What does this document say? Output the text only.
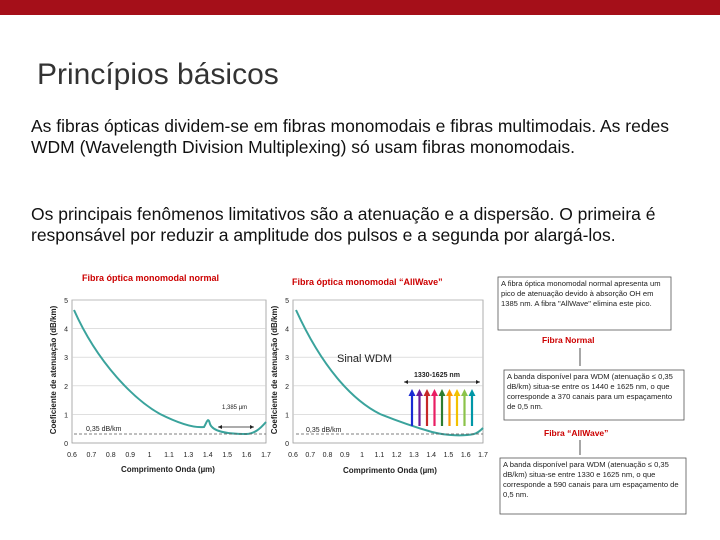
Princípios básicos
As fibras ópticas dividem-se em fibras monomodais e fibras multimodais. As redes WDM (Wavelength Division Multiplexing) só usam fibras monomodais.
Os principais fenômenos limitativos são a atenuação e a dispersão. O primeira é responsável por reduzir a amplitude dos pulsos e a segunda por alargá-los.
Fibra óptica monomodal normal
Coeficiente de atenuação (dB/km)
0
1
2
3
4
5
0.6 0.7 0.8 0.9 1 1.1 1.3 1.4 1.5 1.6 1.7
0,35 dB/km
1,385 µm
Comprimento Onda (µm)
Fibra óptica monomodal “AllWave”
Coeficiente de atenuação (dB/km)
0
1
2
3
4
5
0.6 0.7 0.8 0.9 1 1.1 1.2 1.3 1.4 1.5 1.6 1.7
0,35 dB/km
Sinal WDM
1330-1625 nm
Comprimento Onda (µm)
A fibra óptica monomodal normal apresenta um pico de atenuação devido à absorção OH em 1385 nm. A fibra "AllWave" elimina este pico.
Fibra Normal
A banda disponível para WDM (atenuação ≤ 0,35 dB/km) situa-se entre os 1440 e 1625 nm, o que corresponde a 370 canais para um espaçamento de 0,5 nm.
Fibra “AllWave”
A banda disponível para WDM (atenuação ≤ 0,35 dB/km) situa-se entre 1330 e 1625 nm, o que corresponde a 590 canais para um espaçamento de 0,5 nm.
